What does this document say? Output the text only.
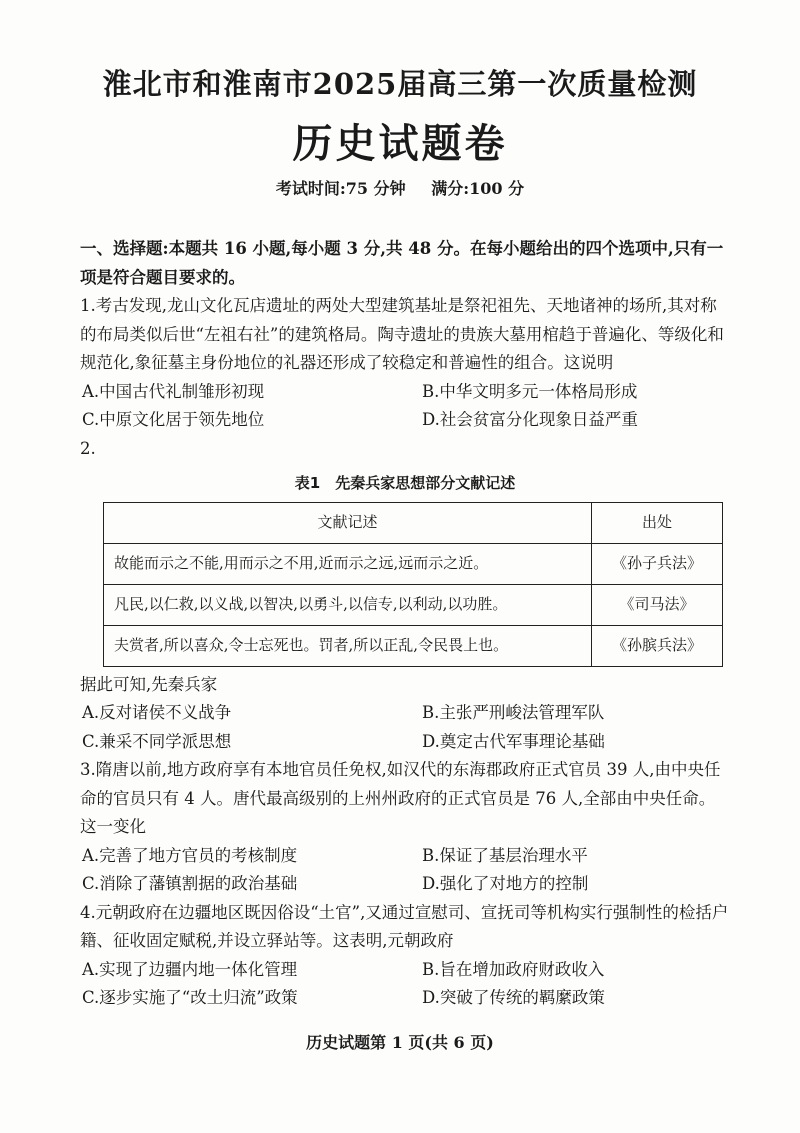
淮北市和淮南市2025届高三第一次质量检测
历史试题卷
考试时间:75 分钟 满分:100 分
一、选择题:本题共 16 小题,每小题 3 分,共 48 分。在每小题给出的四个选项中,只有一项是符合题目要求的。
1.考古发现,龙山文化瓦店遗址的两处大型建筑基址是祭祀祖先、天地诸神的场所,其对称的布局类似后世“左祖右社”的建筑格局。陶寺遗址的贵族大墓用棺趋于普遍化、等级化和规范化,象征墓主身份地位的礼器还形成了较稳定和普遍性的组合。这说明
A.中国古代礼制雏形初现	B.中华文明多元一体格局形成
C.中原文化居于领先地位	D.社会贫富分化现象日益严重
2.
表1　先秦兵家思想部分文献记述
文献记述	出处
故能而示之不能,用而示之不用,近而示之远,远而示之近。	《孙子兵法》
凡民,以仁救,以义战,以智决,以勇斗,以信专,以利动,以功胜。	《司马法》
夫赏者,所以喜众,令士忘死也。罚者,所以正乱,令民畏上也。	《孙膑兵法》
据此可知,先秦兵家
A.反对诸侯不义战争	B.主张严刑峻法管理军队
C.兼采不同学派思想	D.奠定古代军事理论基础
3.隋唐以前,地方政府享有本地官员任免权,如汉代的东海郡政府正式官员 39 人,由中央任命的官员只有 4 人。唐代最高级别的上州州政府的正式官员是 76 人,全部由中央任命。这一变化
A.完善了地方官员的考核制度	B.保证了基层治理水平
C.消除了藩镇割据的政治基础	D.强化了对地方的控制
4.元朝政府在边疆地区既因俗设“土官”,又通过宣慰司、宣抚司等机构实行强制性的检括户籍、征收固定赋税,并设立驿站等。这表明,元朝政府
A.实现了边疆内地一体化管理	B.旨在增加政府财政收入
C.逐步实施了“改土归流”政策	D.突破了传统的羁縻政策
历史试题第 1 页(共 6 页)
